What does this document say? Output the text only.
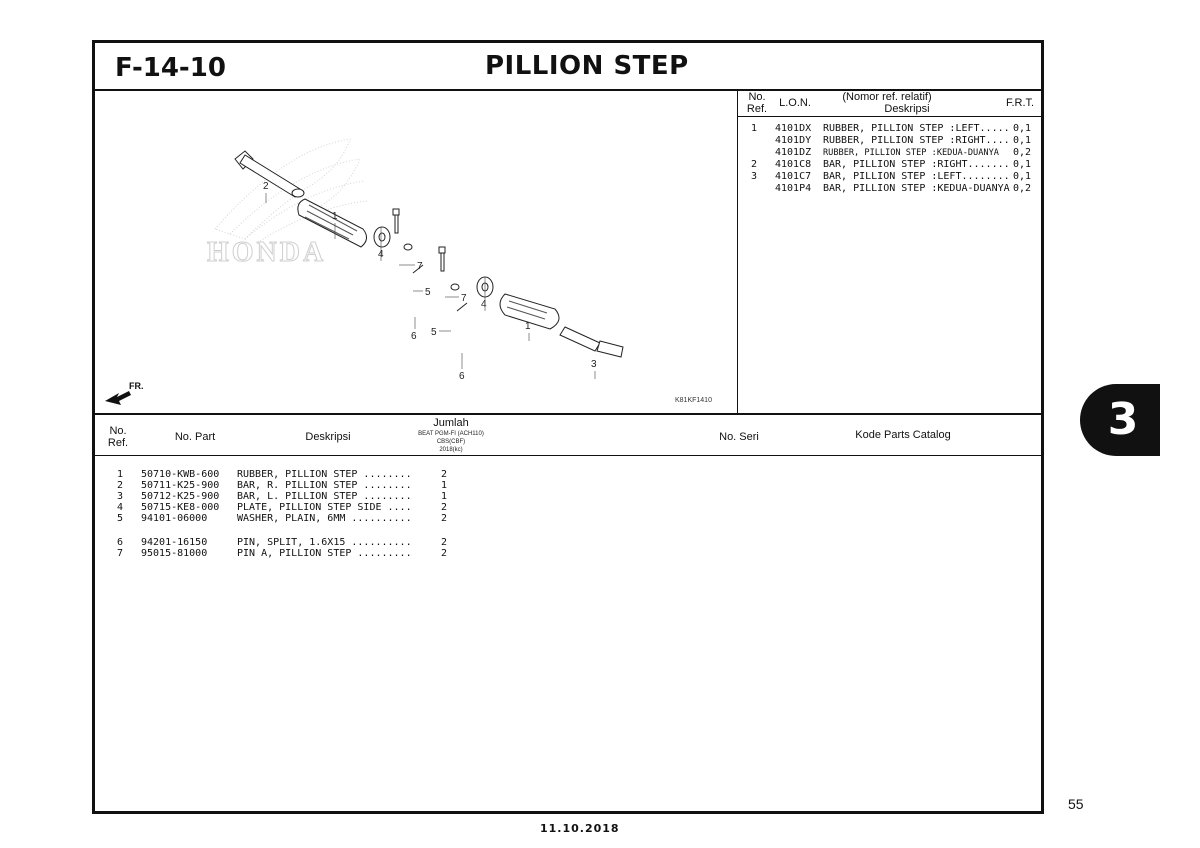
F-14-10	PILLION STEP
HONDA
2
1
4
7
5
7
4
6 5
1
6
3
FR.
K81KF1410
No.
Ref.	L.O.N.	(Nomor ref. relatif)
Deskripsi	F.R.T.
1 4101DX RUBBER, PILLION STEP :LEFT..... 0,1
4101DY RUBBER, PILLION STEP :RIGHT.... 0,1
4101DZ RUBBER, PILLION STEP :KEDUA-DUANYA 0,2
2 4101C8 BAR, PILLION STEP :RIGHT....... 0,1
3 4101C7 BAR, PILLION STEP :LEFT........ 0,1
4101P4 BAR, PILLION STEP :KEDUA-DUANYA 0,2
No.
Ref.	No. Part	Deskripsi
Jumlah
BEAT PGM-FI (ACH110)
CBS(CBF)
2018(kc)
No. Seri	Kode Parts Catalog
1 50710-KWB-600 RUBBER, PILLION STEP ........	2
2 50711-K25-900 BAR, R. PILLION STEP ........	1
3 50712-K25-900 BAR, L. PILLION STEP ........	1
4 50715-KE8-000 PLATE, PILLION STEP SIDE ....	2
5 94101-06000	WASHER, PLAIN, 6MM ..........	2
6 94201-16150	PIN, SPLIT, 1.6X15 ..........	2
7 95015-81000	PIN A, PILLION STEP .........	2
3
55
11.10.2018
